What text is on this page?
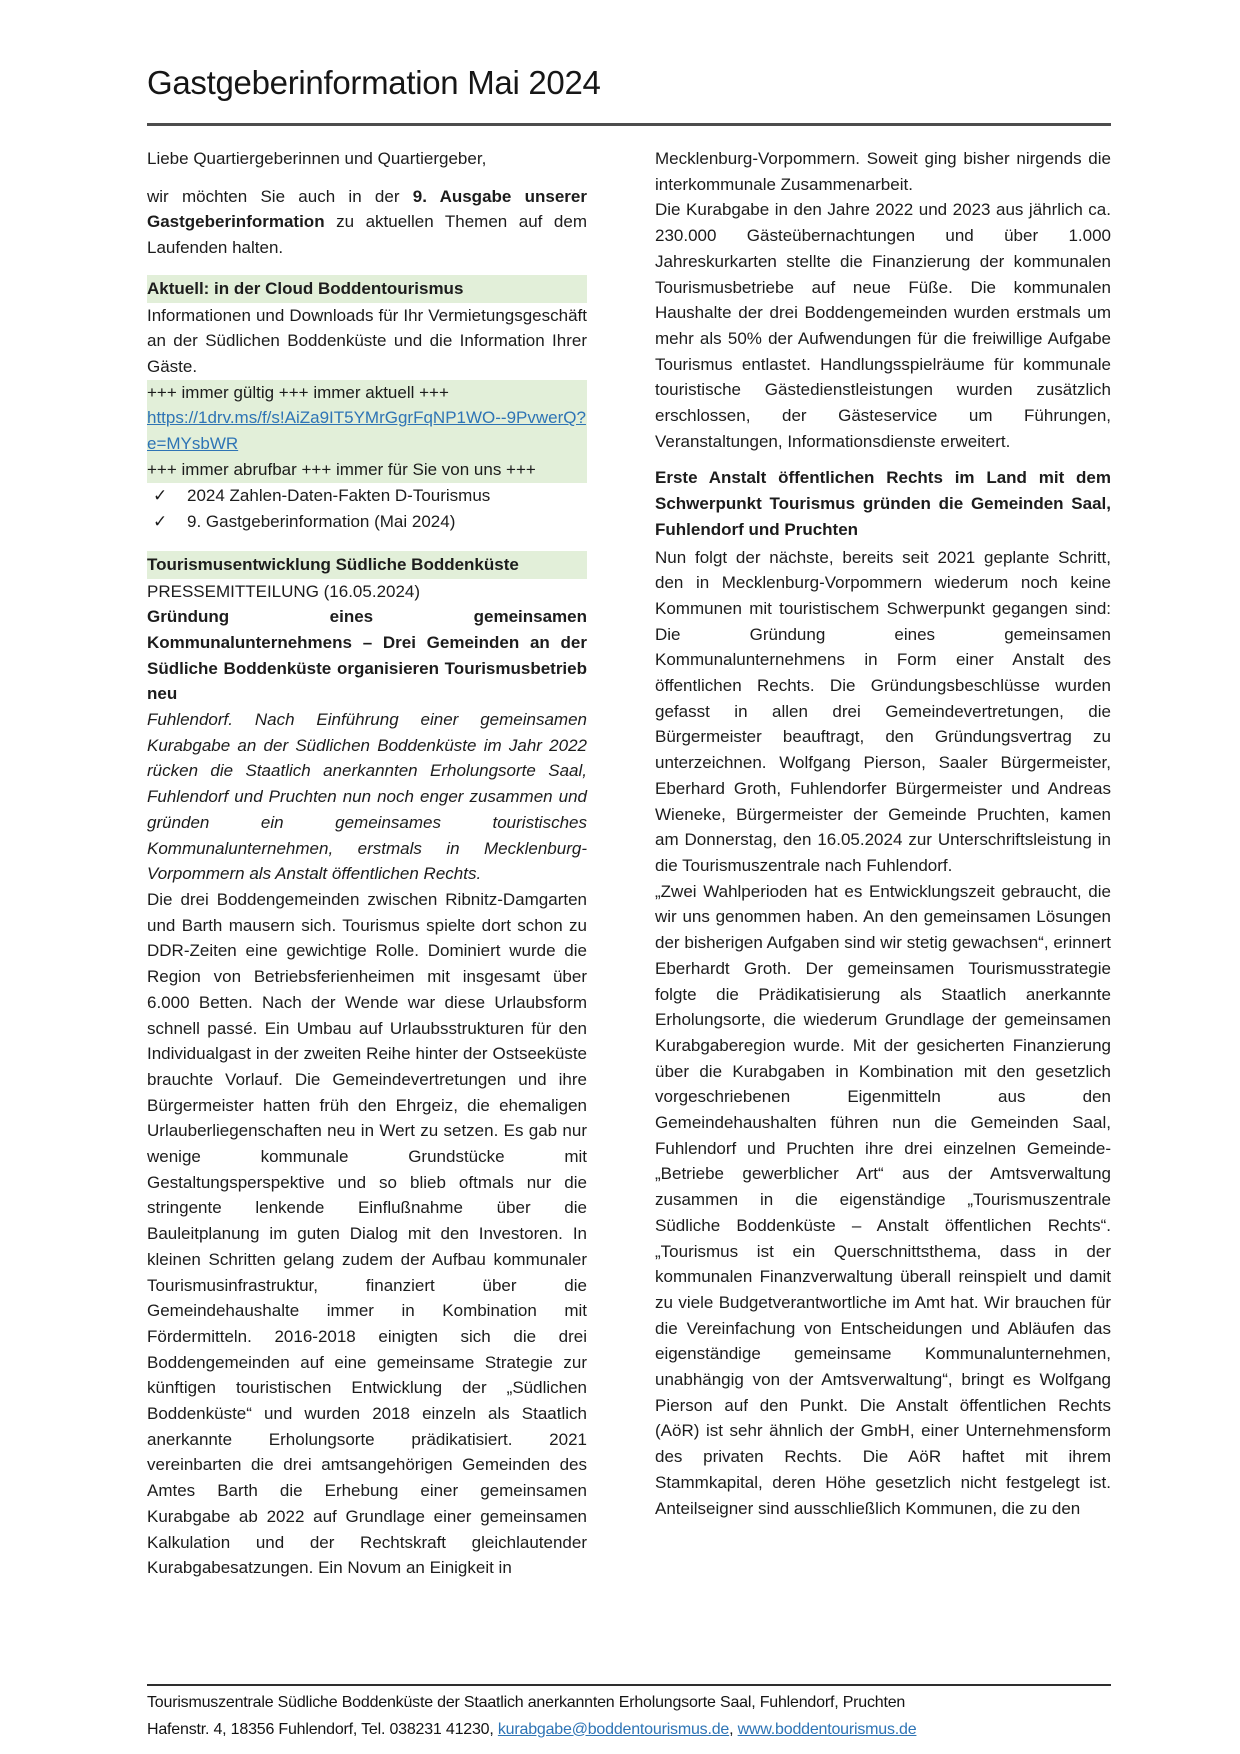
Gastgeberinformation Mai 2024

Liebe Quartiergeberinnen und Quartiergeber,

wir möchten Sie auch in der 9. Ausgabe unserer Gastgeberinformation zu aktuellen Themen auf dem Laufenden halten.

Aktuell: in der Cloud Boddentourismus

Informationen und Downloads für Ihr Vermietungsgeschäft an der Südlichen Boddenküste und die Information Ihrer Gäste.

+++ immer gültig +++ immer aktuell +++

https://1drv.ms/f/s!AiZa9IT5YMrGgrFqNP1WO--9PvwerQ?e=MYsbWR

+++ immer abrufbar +++ immer für Sie von uns +++

✓	2024 Zahlen-Daten-Fakten D-Tourismus
✓	9. Gastgeberinformation (Mai 2024)

Tourismusentwicklung Südliche Boddenküste

PRESSEMITTEILUNG (16.05.2024)

Gründung eines gemeinsamen Kommunalunternehmens – Drei Gemeinden an der Südliche Boddenküste organisieren Tourismusbetrieb neu

Fuhlendorf. Nach Einführung einer gemeinsamen Kurabgabe an der Südlichen Boddenküste im Jahr 2022 rücken die Staatlich anerkannten Erholungsorte Saal, Fuhlendorf und Pruchten nun noch enger zusammen und gründen ein gemeinsames touristisches Kommunalunternehmen, erstmals in Mecklenburg-Vorpommern als Anstalt öffentlichen Rechts.

Die drei Boddengemeinden zwischen Ribnitz-Damgarten und Barth mausern sich. Tourismus spielte dort schon zu DDR-Zeiten eine gewichtige Rolle. Dominiert wurde die Region von Betriebsferienheimen mit insgesamt über 6.000 Betten. Nach der Wende war diese Urlaubsform schnell passé. Ein Umbau auf Urlaubsstrukturen für den Individualgast in der zweiten Reihe hinter der Ostseeküste brauchte Vorlauf. Die Gemeindevertretungen und ihre Bürgermeister hatten früh den Ehrgeiz, die ehemaligen Urlauberliegenschaften neu in Wert zu setzen. Es gab nur wenige kommunale Grundstücke mit Gestaltungsperspektive und so blieb oftmals nur die stringente lenkende Einflußnahme über die Bauleitplanung im guten Dialog mit den Investoren. In kleinen Schritten gelang zudem der Aufbau kommunaler Tourismusinfrastruktur, finanziert über die Gemeindehaushalte immer in Kombination mit Fördermitteln. 2016-2018 einigten sich die drei Boddengemeinden auf eine gemeinsame Strategie zur künftigen touristischen Entwicklung der „Südlichen Boddenküste“ und wurden 2018 einzeln als Staatlich anerkannte Erholungsorte prädikatisiert. 2021 vereinbarten die drei amtsangehörigen Gemeinden des Amtes Barth die Erhebung einer gemeinsamen Kurabgabe ab 2022 auf Grundlage einer gemeinsamen Kalkulation und der Rechtskraft gleichlautender Kurabgabesatzungen. Ein Novum an Einigkeit in

Mecklenburg-Vorpommern. Soweit ging bisher nirgends die interkommunale Zusammenarbeit.

Die Kurabgabe in den Jahre 2022 und 2023 aus jährlich ca. 230.000 Gästeübernachtungen und über 1.000 Jahreskurkarten stellte die Finanzierung der kommunalen Tourismusbetriebe auf neue Füße. Die kommunalen Haushalte der drei Boddengemeinden wurden erstmals um mehr als 50% der Aufwendungen für die freiwillige Aufgabe Tourismus entlastet. Handlungsspielräume für kommunale touristische Gästedienstleistungen wurden zusätzlich erschlossen, der Gästeservice um Führungen, Veranstaltungen, Informationsdienste erweitert.

Erste Anstalt öffentlichen Rechts im Land mit dem Schwerpunkt Tourismus gründen die Gemeinden Saal, Fuhlendorf und Pruchten

Nun folgt der nächste, bereits seit 2021 geplante Schritt, den in Mecklenburg-Vorpommern wiederum noch keine Kommunen mit touristischem Schwerpunkt gegangen sind: Die Gründung eines gemeinsamen Kommunalunternehmens in Form einer Anstalt des öffentlichen Rechts. Die Gründungsbeschlüsse wurden gefasst in allen drei Gemeindevertretungen, die Bürgermeister beauftragt, den Gründungsvertrag zu unterzeichnen. Wolfgang Pierson, Saaler Bürgermeister, Eberhard Groth, Fuhlendorfer Bürgermeister und Andreas Wieneke, Bürgermeister der Gemeinde Pruchten, kamen am Donnerstag, den 16.05.2024 zur Unterschriftsleistung in die Tourismuszentrale nach Fuhlendorf.

„Zwei Wahlperioden hat es Entwicklungszeit gebraucht, die wir uns genommen haben. An den gemeinsamen Lösungen der bisherigen Aufgaben sind wir stetig gewachsen“, erinnert Eberhardt Groth. Der gemeinsamen Tourismusstrategie folgte die Prädikatisierung als Staatlich anerkannte Erholungsorte, die wiederum Grundlage der gemeinsamen Kurabgaberegion wurde. Mit der gesicherten Finanzierung über die Kurabgaben in Kombination mit den gesetzlich vorgeschriebenen Eigenmitteln aus den Gemeindehaushalten führen nun die Gemeinden Saal, Fuhlendorf und Pruchten ihre drei einzelnen Gemeinde-„Betriebe gewerblicher Art“ aus der Amtsverwaltung zusammen in die eigenständige „Tourismuszentrale Südliche Boddenküste – Anstalt öffentlichen Rechts“. „Tourismus ist ein Querschnittsthema, dass in der kommunalen Finanzverwaltung überall reinspielt und damit zu viele Budgetverantwortliche im Amt hat. Wir brauchen für die Vereinfachung von Entscheidungen und Abläufen das eigenständige gemeinsame Kommunalunternehmen, unabhängig von der Amtsverwaltung“, bringt es Wolfgang Pierson auf den Punkt. Die Anstalt öffentlichen Rechts (AöR) ist sehr ähnlich der GmbH, einer Unternehmensform des privaten Rechts. Die AöR haftet mit ihrem Stammkapital, deren Höhe gesetzlich nicht festgelegt ist. Anteilseigner sind ausschließlich Kommunen, die zu den

Tourismuszentrale Südliche Boddenküste der Staatlich anerkannten Erholungsorte Saal, Fuhlendorf, Pruchten
Hafenstr. 4, 18356 Fuhlendorf, Tel. 038231 41230, kurabgabe@boddentourismus.de, www.boddentourismus.de
